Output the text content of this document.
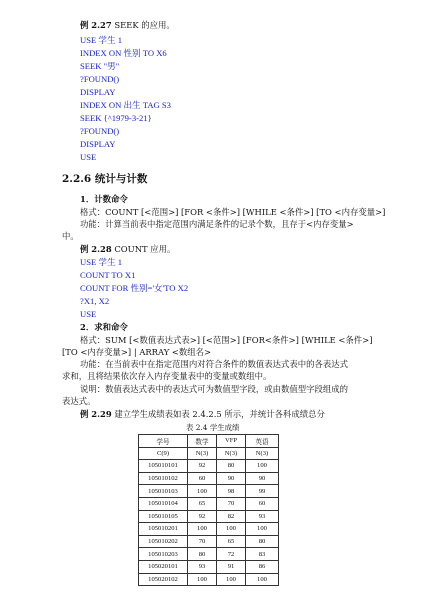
例 2.27 SEEK 的应用。
USE 学生 1
INDEX ON 性别 TO X6
SEEK "男"
?FOUND()
DISPLAY
INDEX ON 出生 TAG S3
SEEK {^1979-3-21}
?FOUND()
DISPLAY
USE
2.2.6 统计与计数
1．计数命令
格式：COUNT [<范围>] [FOR <条件>] [WHILE <条件>] [TO <内存变量>]
功能：计算当前表中指定范围内满足条件的记录个数，且存于<内存变量>
中。
例 2.28 COUNT 应用。
USE 学生 1
COUNT TO X1
COUNT FOR 性别='女'TO X2
?X1, X2
USE
2．求和命令
格式：SUM [<数值表达式表>] [<范围>] [FOR<条件>] [WHILE <条件>]
[TO <内存变量>] | ARRAY <数组名>
功能：在当前表中在指定范围内对符合条件的数值表达式表中的各表达式
求和，且将结果依次存入内存变量表中的变量或数组中。
说明：数值表达式表中的表达式可为数值型字段，或由数值型字段组成的
表达式。
例 2.29 建立学生成绩表如表 2.4.2.5 所示，并统计各科成绩总分
表 2.4 学生成绩
学号	数学	VFP	英语
C(9)	N(3)	N(3)	N(3)
105010101	92	80	100
105010102	60	90	90
105010103	100	98	99
105010104	65	70	60
105010105	92	82	93
105010201	100	100	100
105010202	70	65	80
105010203	80	72	83
105020101	93	91	86
105020102	100	100	100
